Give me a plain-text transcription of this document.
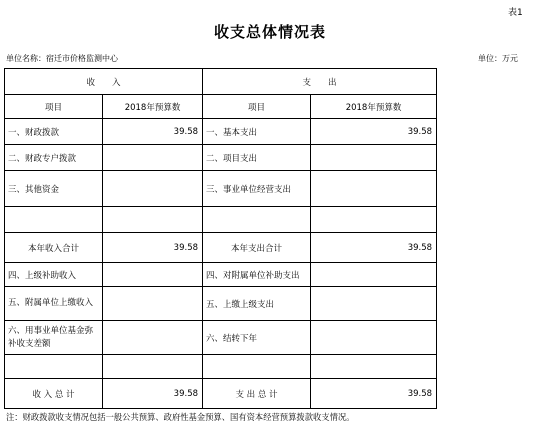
表1
收支总体情况表
单位名称：宿迁市价格监测中心	单位：万元
收　　入		支　　出	
项目	2018年预算数	项目	2018年预算数
一、财政拨款	39.58	一、基本支出	39.58
二、财政专户拨款		二、项目支出	
三、其他资金		三、事业单位经营支出	

本年收入合计	39.58	本年支出合计	39.58
四、上级补助收入		四、对附属单位补助支出	
五、附属单位上缴收入		五、上缴上级支出	
六、用事业单位基金弥补收支差额		六、结转下年	

收 入 总 计	39.58	支 出 总 计	39.58
注：财政拨款收支情况包括一般公共预算、政府性基金预算、国有资本经营预算拨款收支情况。
